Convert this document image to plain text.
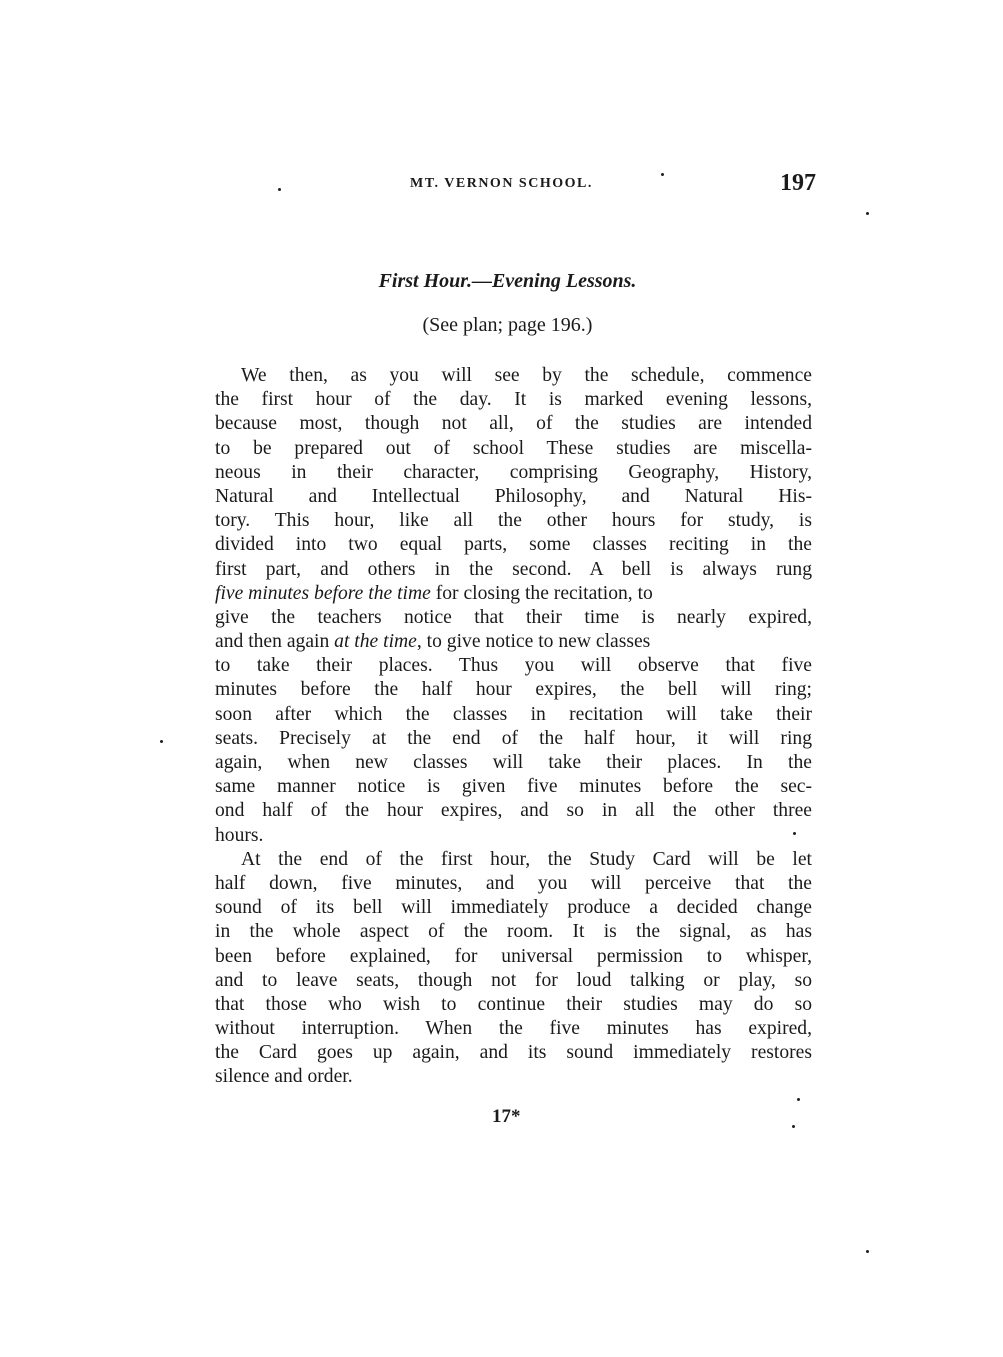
MT. VERNON SCHOOL.	197
First Hour.—Evening Lessons.
(See plan; page 196.)
We then, as you will see by the schedule, commence
the first hour of the day. It is marked evening lessons,
because most, though not all, of the studies are intended
to be prepared out of school These studies are miscella-
neous in their character, comprising Geography, History,
Natural and Intellectual Philosophy, and Natural His-
tory. This hour, like all the other hours for study, is
divided into two equal parts, some classes reciting in the
first part, and others in the second. A bell is always rung
five minutes before the time for closing the recitation, to
give the teachers notice that their time is nearly expired,
and then again at the time, to give notice to new classes
to take their places. Thus you will observe that five
minutes before the half hour expires, the bell will ring;
soon after which the classes in recitation will take their
seats. Precisely at the end of the half hour, it will ring
again, when new classes will take their places. In the
same manner notice is given five minutes before the sec-
ond half of the hour expires, and so in all the other three
hours.
At the end of the first hour, the Study Card will be let
half down, five minutes, and you will perceive that the
sound of its bell will immediately produce a decided change
in the whole aspect of the room. It is the signal, as has
been before explained, for universal permission to whisper,
and to leave seats, though not for loud talking or play, so
that those who wish to continue their studies may do so
without interruption. When the five minutes has expired,
the Card goes up again, and its sound immediately restores
silence and order.
17*
